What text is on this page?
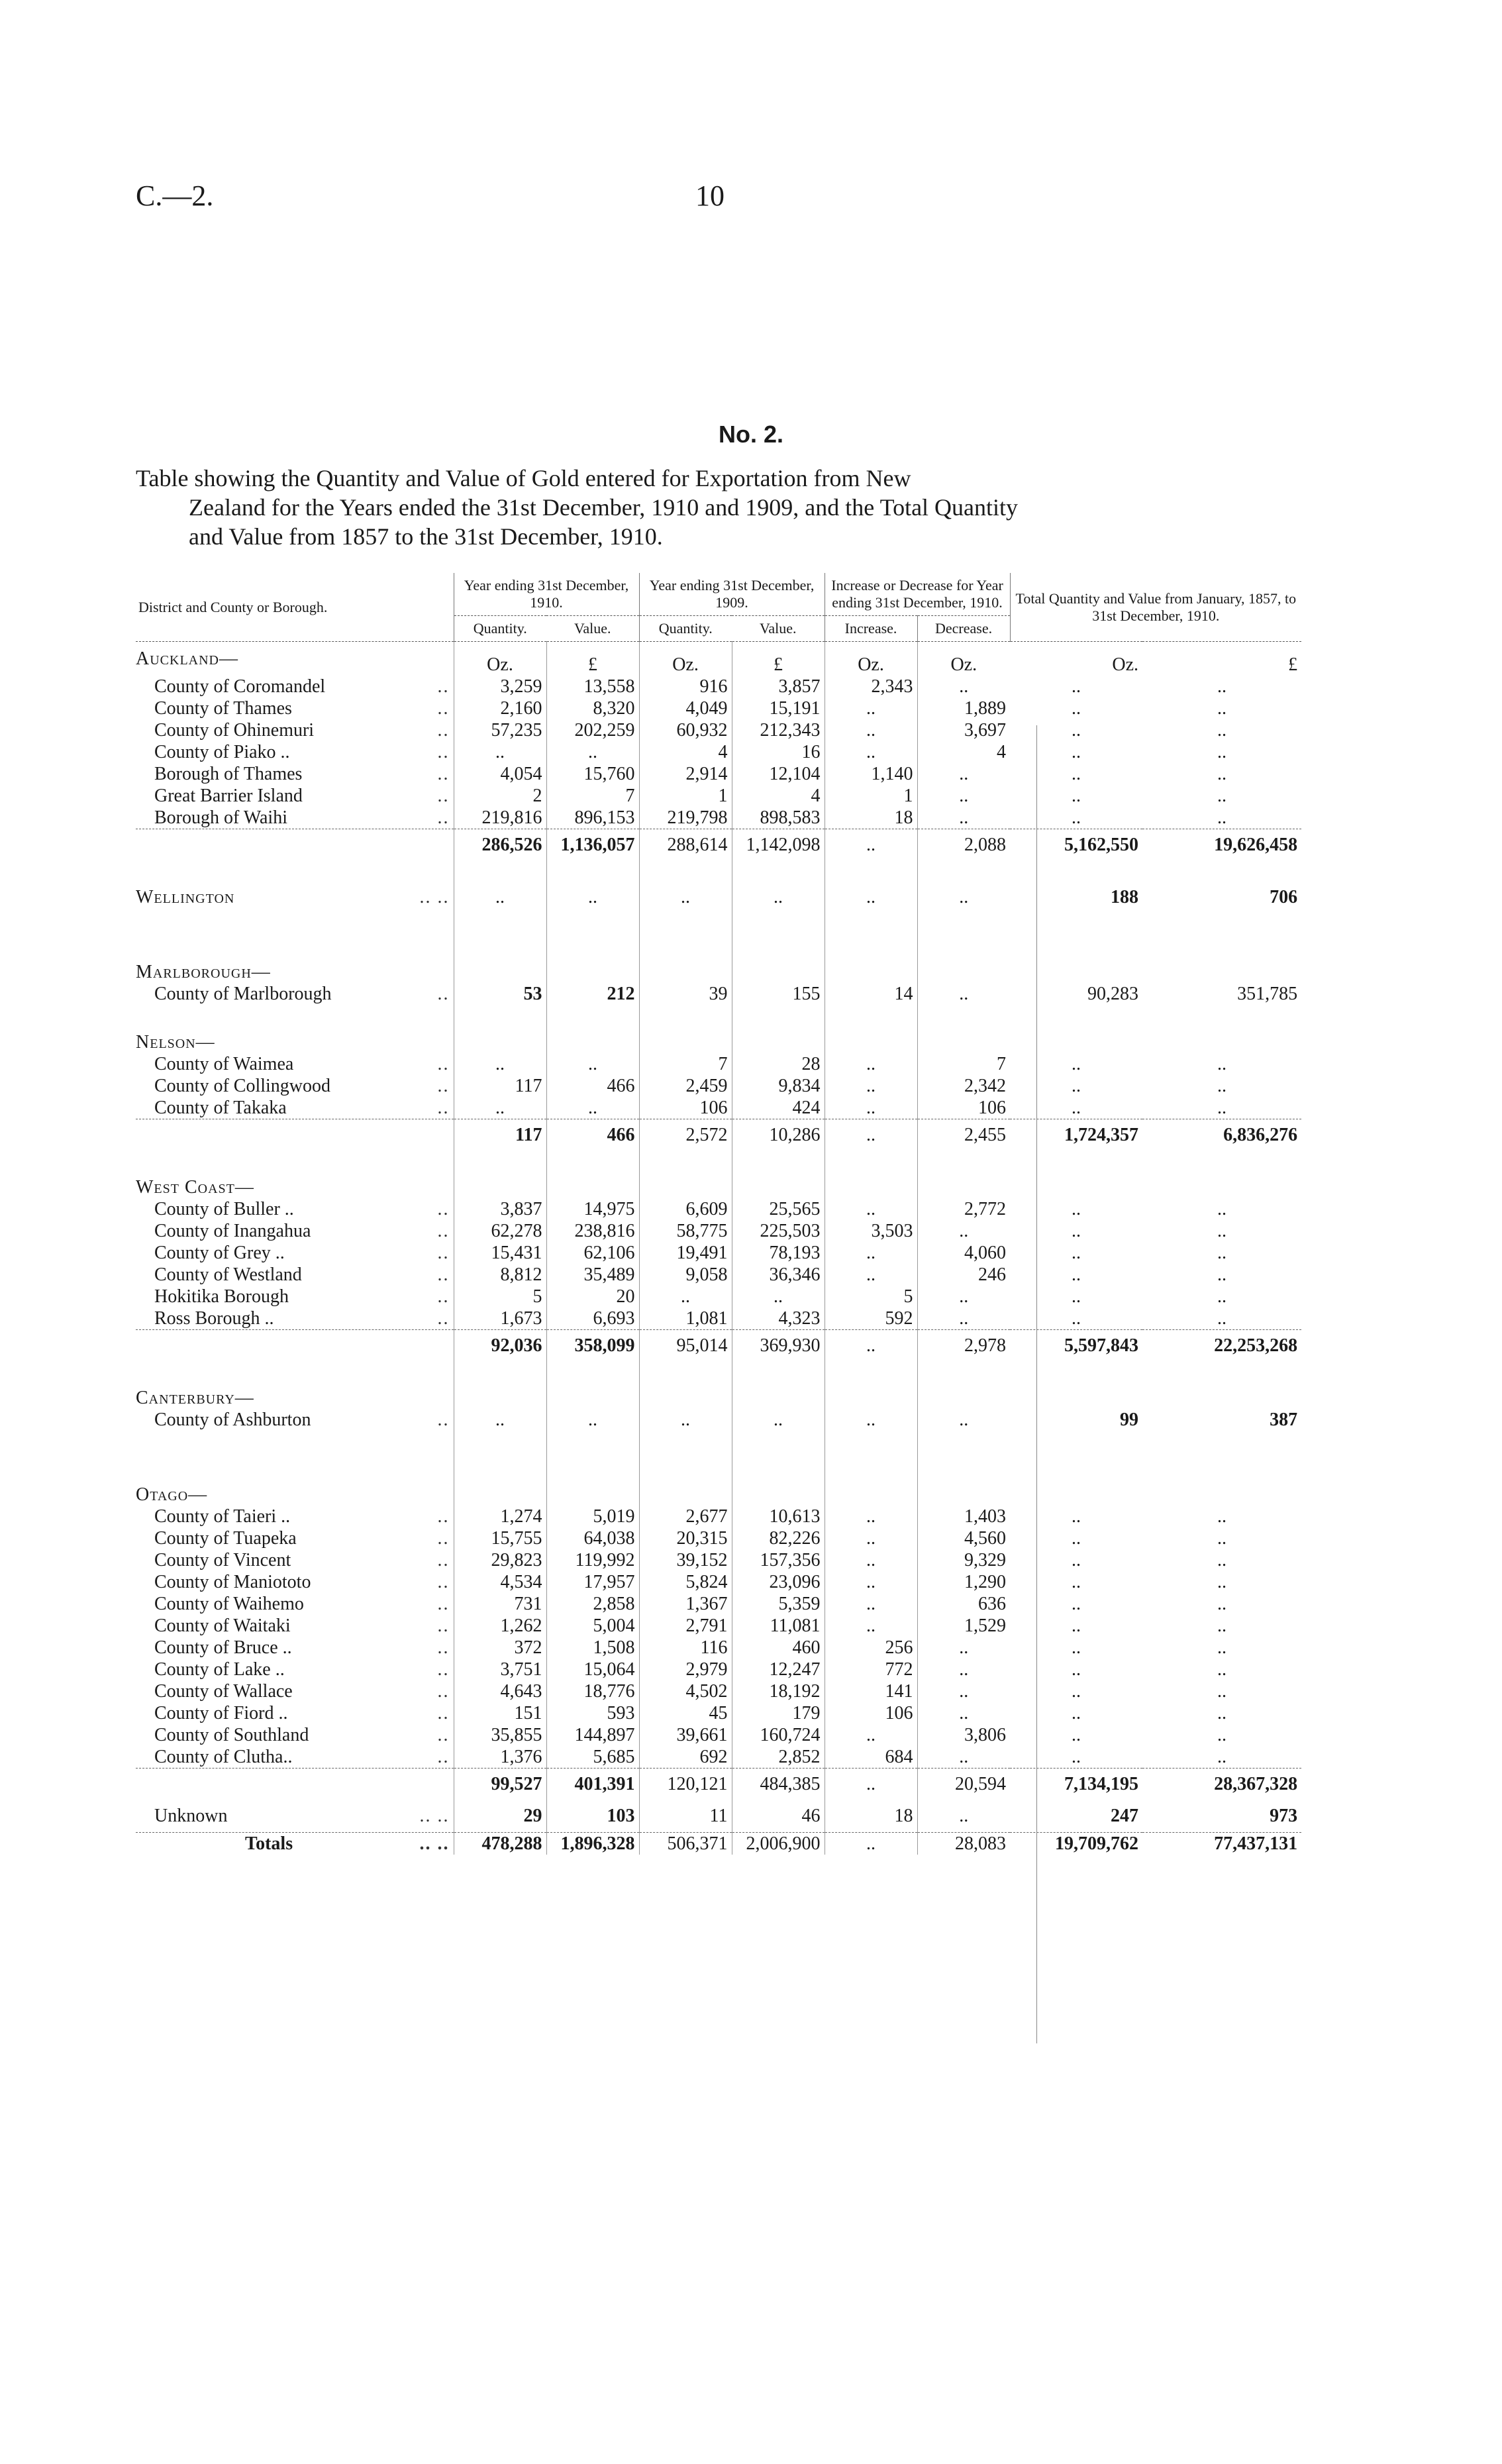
C.—2.	10
No. 2.
Table showing the Quantity and Value of Gold entered for Exportation from New
Zealand for the Years ended the 31st December, 1910 and 1909, and the Total Quantity
and Value from 1857 to the 31st December, 1910.
District and County or Borough.	Year ending 31st December, 1910.		Year ending 31st December, 1909.		Increase or Decrease for Year ending 31st December, 1910.		Total Quantity and Value from January, 1857, to 31st December, 1910.	
	Quantity.	Value.	Quantity.	Value.	Increase.	Decrease.		
Auckland—	Oz.	£	Oz.	£	Oz.	Oz.	Oz.	£
County of Coromandel ..	3,259	13,558	916	3,857	2,343	..	..	..
County of Thames ..	2,160	8,320	4,049	15,191	..	1,889	..	..
County of Ohinemuri ..	57,235	202,259	60,932	212,343	..	3,697	..	..
County of Piako .. ..	..	..	4	16	..	4	..	..
Borough of Thames ..	4,054	15,760	2,914	12,104	1,140	..	..	..
Great Barrier Island ..	2	7	1	4	1	..	..	..
Borough of Waihi ..	219,816	896,153	219,798	898,583	18	..	..	..
	286,526	1,136,057	288,614	1,142,098	..	2,088	5,162,550	19,626,458

Wellington .. ..	..	..	..	..	..	..	188	706

Marlborough—								
County of Marlborough ..	53	212	39	155	14	..	90,283	351,785

Nelson—								
County of Waimea ..	..	..	7	28	..	7	..	..
County of Collingwood ..	117	466	2,459	9,834	..	2,342	..	..
County of Takaka ..	..	..	106	424	..	106	..	..
	117	466	2,572	10,286	..	2,455	1,724,357	6,836,276

West Coast—								
County of Buller .. ..	3,837	14,975	6,609	25,565	..	2,772	..	..
County of Inangahua ..	62,278	238,816	58,775	225,503	3,503	..	..	..
County of Grey .. ..	15,431	62,106	19,491	78,193	..	4,060	..	..
County of Westland ..	8,812	35,489	9,058	36,346	..	246	..	..
Hokitika Borough ..	5	20	..	..	5	..	..	..
Ross Borough .. ..	1,673	6,693	1,081	4,323	592	..	..	..
	92,036	358,099	95,014	369,930	..	2,978	5,597,843	22,253,268

Canterbury—								
County of Ashburton ..	..	..	..	..	..	..	99	387

Otago—								
County of Taieri .. ..	1,274	5,019	2,677	10,613	..	1,403	..	..
County of Tuapeka ..	15,755	64,038	20,315	82,226	..	4,560	..	..
County of Vincent ..	29,823	119,992	39,152	157,356	..	9,329	..	..
County of Maniototo ..	4,534	17,957	5,824	23,096	..	1,290	..	..
County of Waihemo ..	731	2,858	1,367	5,359	..	636	..	..
County of Waitaki ..	1,262	5,004	2,791	11,081	..	1,529	..	..
County of Bruce .. ..	372	1,508	116	460	256	..	..	..
County of Lake .. ..	3,751	15,064	2,979	12,247	772	..	..	..
County of Wallace ..	4,643	18,776	4,502	18,192	141	..	..	..
County of Fiord .. ..	151	593	45	179	106	..	..	..
County of Southland ..	35,855	144,897	39,661	160,724	..	3,806	..	..
County of Clutha.. ..	1,376	5,685	692	2,852	684	..	..	..
	99,527	401,391	120,121	484,385	..	20,594	7,134,195	28,367,328
Unknown .. ..	29	103	11	46	18	..	247	973
Totals .. ..	478,288	1,896,328	506,371	2,006,900	..	28,083	19,709,762	77,437,131
